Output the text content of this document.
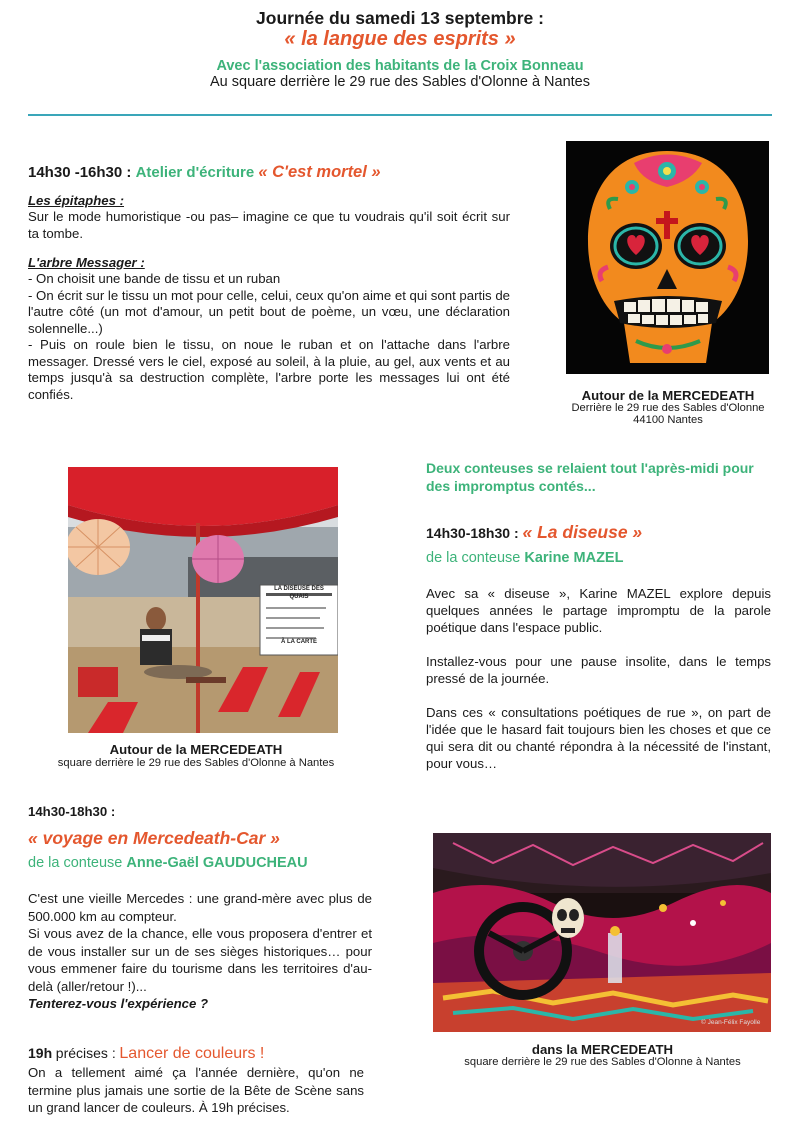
Journée du samedi 13 septembre :
« la langue des esprits »
Avec l'association des habitants de la Croix Bonneau
Au square derrière le 29 rue des Sables d'Olonne à Nantes
14h30 -16h30 : Atelier d'écriture « C'est mortel »
Les épitaphes :
Sur le mode humoristique -ou pas– imagine ce que tu voudrais qu'il soit écrit sur ta tombe.
L'arbre Messager :

- On choisit une bande de tissu et un ruban

- On écrit sur le tissu un mot pour celle, celui, ceux qu'on aime et qui sont partis de l'autre côté (un mot d'amour, un petit bout de poème, un vœu, une déclaration solennelle...)

- Puis on roule bien le tissu, on noue le ruban et on l'attache dans l'arbre messager. Dressé vers le ciel, exposé au soleil, à la pluie, au gel, aux vents et au temps jusqu'à sa destruction complète, l'arbre porte les messages lui ont été confiés.	Autour de la MERCEDEATH
Derrière le 29 rue des Sables d'Olonne
44100 Nantes
LA DISEUSE DES QUAIS
À LA CARTE
Autour de la MERCEDEATH
square derrière le 29 rue des Sables d'Olonne à Nantes
Deux conteuses se relaient tout l'après-midi pour des impromptus contés...
14h30-18h30 : « La diseuse »
de la conteuse Karine MAZEL

Avec sa « diseuse », Karine MAZEL explore depuis quelques années le partage impromptu de la parole poétique dans l'espace public.

Installez-vous pour une pause insolite, dans le temps pressé de la journée.

Dans ces « consultations poétiques de rue », on part de l'idée que le hasard fait toujours bien les choses et que ce qui sera dit ou chanté répondra à la nécessité de l'instant, pour vous…

14h30-18h30 :
« voyage en Mercedeath-Car »
de la conteuse Anne-Gaël GAUDUCHEAU

C'est une vieille Mercedes : une grand-mère avec plus de 500.000 km au compteur.

Si vous avez de la chance, elle vous proposera d'entrer et de vous installer sur un de ses sièges historiques… pour vous emmener faire du tourisme dans les territoires d'au-delà (aller/retour !)...

Tenterez-vous l'expérience ?

© Jean-Félix Fayolle
dans la MERCEDEATH
square derrière le 29 rue des Sables d'Olonne à Nantes
19h précises : Lancer de couleurs !
On a tellement aimé ça l'année dernière, qu'on ne termine plus jamais une sortie de la Bête de Scène sans un grand lancer de couleurs. À 19h précises.
